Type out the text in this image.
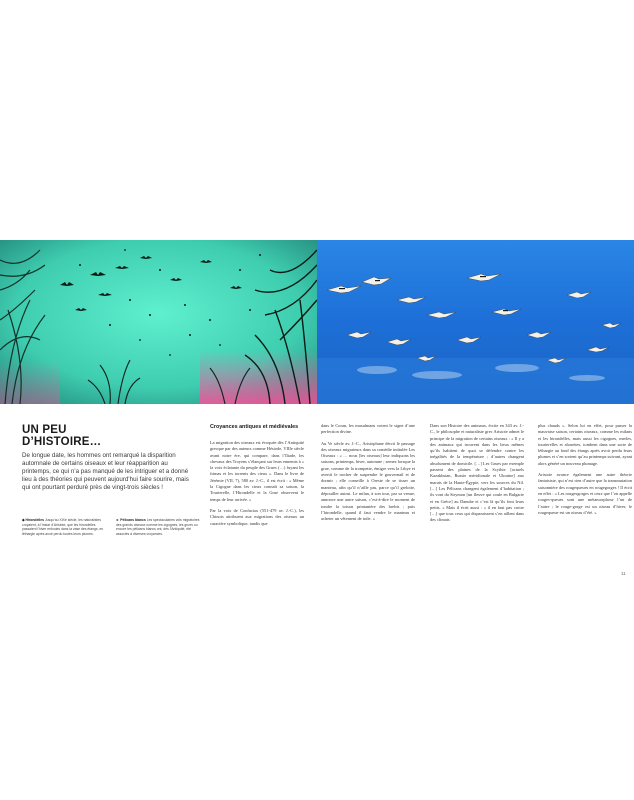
UN PEU
D’HISTOIRE…
De longue date, les hommes ont remarqué la disparition automnale de certains oiseaux et leur réapparition au printemps, ce qui n’a pas manqué de les intriguer et a donné lieu à des théories qui peuvent aujourd’hui faire sourire, mais qui ont pourtant perduré près de vingt-trois siècles !
◆ Hirondelles Jusqu’au XIXe siècle, les naturalistes croyaient, à l’instar d’Aristote, que les hirondelles passaient l’hiver enfouies dans la vase des étangs, en léthargie après avoir perdu toutes leurs plumes.
► Pélicans blancs Les spectaculaires vols migratoires des grands oiseaux comme les cigognes, les grues ou encore les pélicans blancs ont, dès l’Antiquité, été associés à diverses croyances.
Croyances antiques et médiévales

La migration des oiseaux est évoquée dès l’Antiquité grecque par des auteurs comme Hésiode, VIIIe siècle avant notre ère, qui compare, dans l’Iliade, les chevaux des Troyens s’élançant sur leurs ennemis à « la voix éclatante du peuple des Grues (…) fuyant les frimas et les torrents des cieux ». Dans le livre de Jérémie (VII, 7), 580 av. J.-C., il est écrit : « Même la Cigogne dans les cieux connaît sa saison, la Tourterelle, l’Hirondelle et la Grue observent le temps de leur arrivée. »

Par la voix de Confucius (551-479 av. J.-C.), les Chinois attribuent aux migrations des oiseaux un caractère symbolique, tandis que

dans le Coran, les musulmans voient le signe d’une perfection divine.

Au Ve siècle av. J.-C., Aristophane décrit le passage des oiseaux migrateurs dans sa comédie intitulée Les Oiseaux : « … nous [les oiseaux] leur indiquons les saisons, printemps, hiver, automne ; semez lorsque la grue, comme de la trompette, émigre vers la Libye et avertit le nocher de suspendre le gouvernail et de dormir ; elle conseille à Oreste de se tisser un manteau, afin qu’il n’aille pas, parce qu’il grelotte, dépouiller autrui. Le milan, à son tour, par sa venue, annonce une autre saison, c’est-à-dire le moment de tondre la toison printanière des brebis ; puis l’hirondelle, quand il faut vendre le manteau et acheter un vêtement de toile. »

Dans son Histoire des animaux, écrite en 343 av. J.-C., le philosophe et naturaliste grec Aristote admet le principe de la migration de certains oiseaux : « Il y a des animaux qui trouvent dans les lieux mêmes qu’ils habitent de quoi se défendre contre les inégalités de la température ; d’autres changent absolument de domicile. […] Les Grues par exemple passent des plaines de la Scythie [actuels Kazakhstan, Russie méridionale et Ukraine] aux marais de la Haute-Égypte, vers les sources du Nil. […] Les Pélicans changent également d’habitation ; ils vont du Strymon [un fleuve qui coule en Bulgarie et en Grèce] au Danube et c’est là qu’ils font leurs petits. » Mais il écrit aussi : « il en faut pas croire […] que tous ceux qui disparaissent s’en aillent dans des climats

plus chauds ». Selon lui en effet, pour passer la mauvaise saison, certains oiseaux, comme les milans et les hirondelles, mais aussi les cigognes, merles, tourterelles et alouettes, tombent dans une sorte de léthargie au fond des étangs après avoir perdu leurs plumes et s’en sortent qu’au printemps suivant, ayant alors généré un nouveau plumage.

Aristote avance également une autre théorie fantaisiste, qui n’est rien d’autre que la transmutation saisonnière des rougequeues en rougegorges ! Il écrit en effet : « Les rougesgorges et ceux que l’on appelle rouges-queues sont une métamorphose l’un de l’autre ; le rouge-gorge est un oiseau d’hiver, le rougequeue est un oiseau d’été. »

11
